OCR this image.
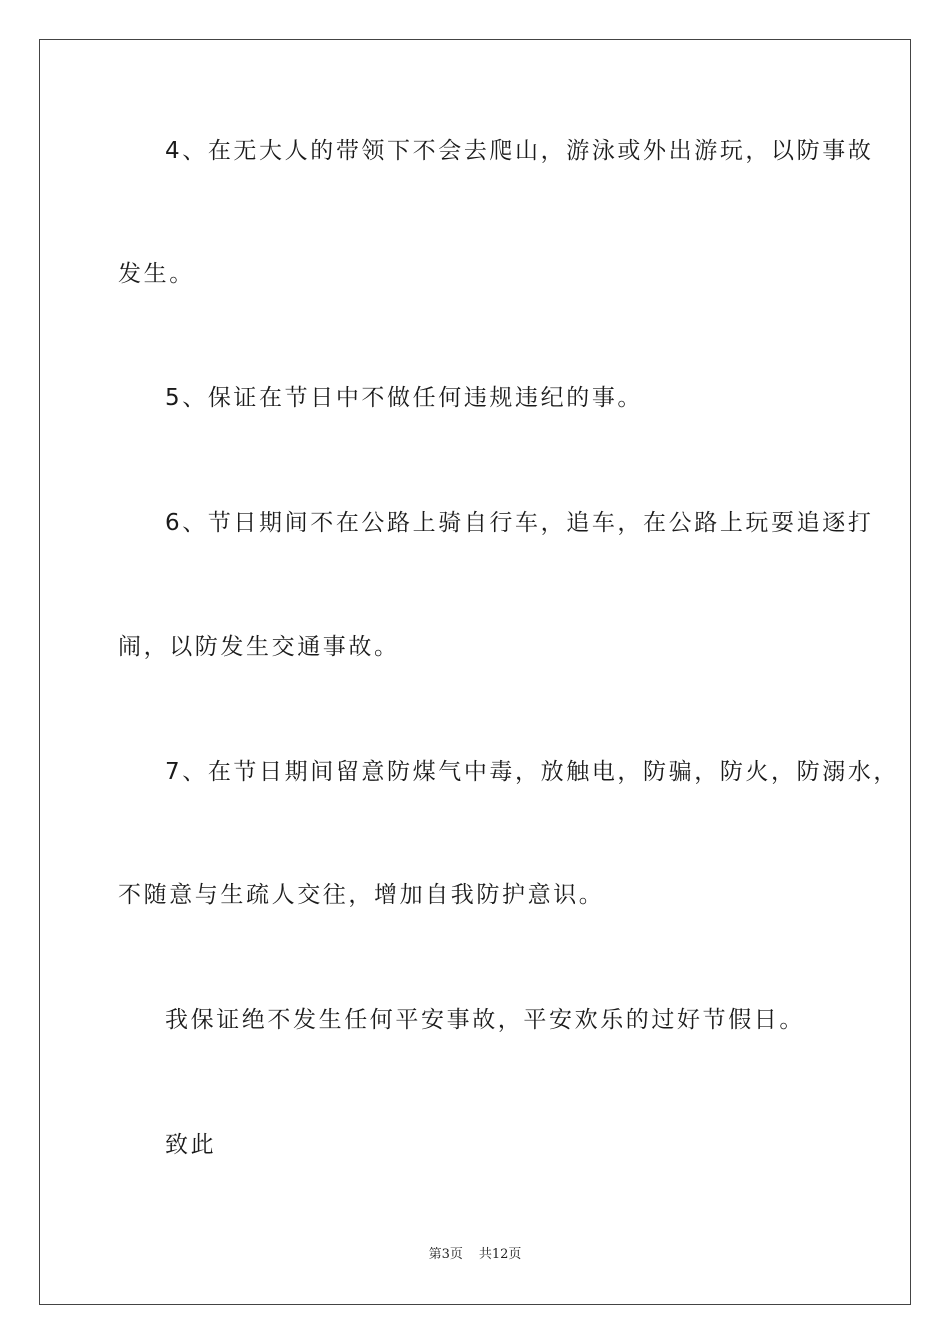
4、在无大人的带领下不会去爬山，游泳或外出游玩，以防事故
发生。
5、保证在节日中不做任何违规违纪的事。
6、节日期间不在公路上骑自行车，追车，在公路上玩耍追逐打
闹，以防发生交通事故。
7、在节日期间留意防煤气中毒，放触电，防骗，防火，防溺水，
不随意与生疏人交往，增加自我防护意识。
我保证绝不发生任何平安事故，平安欢乐的过好节假日。
致此
第3页 共12页
